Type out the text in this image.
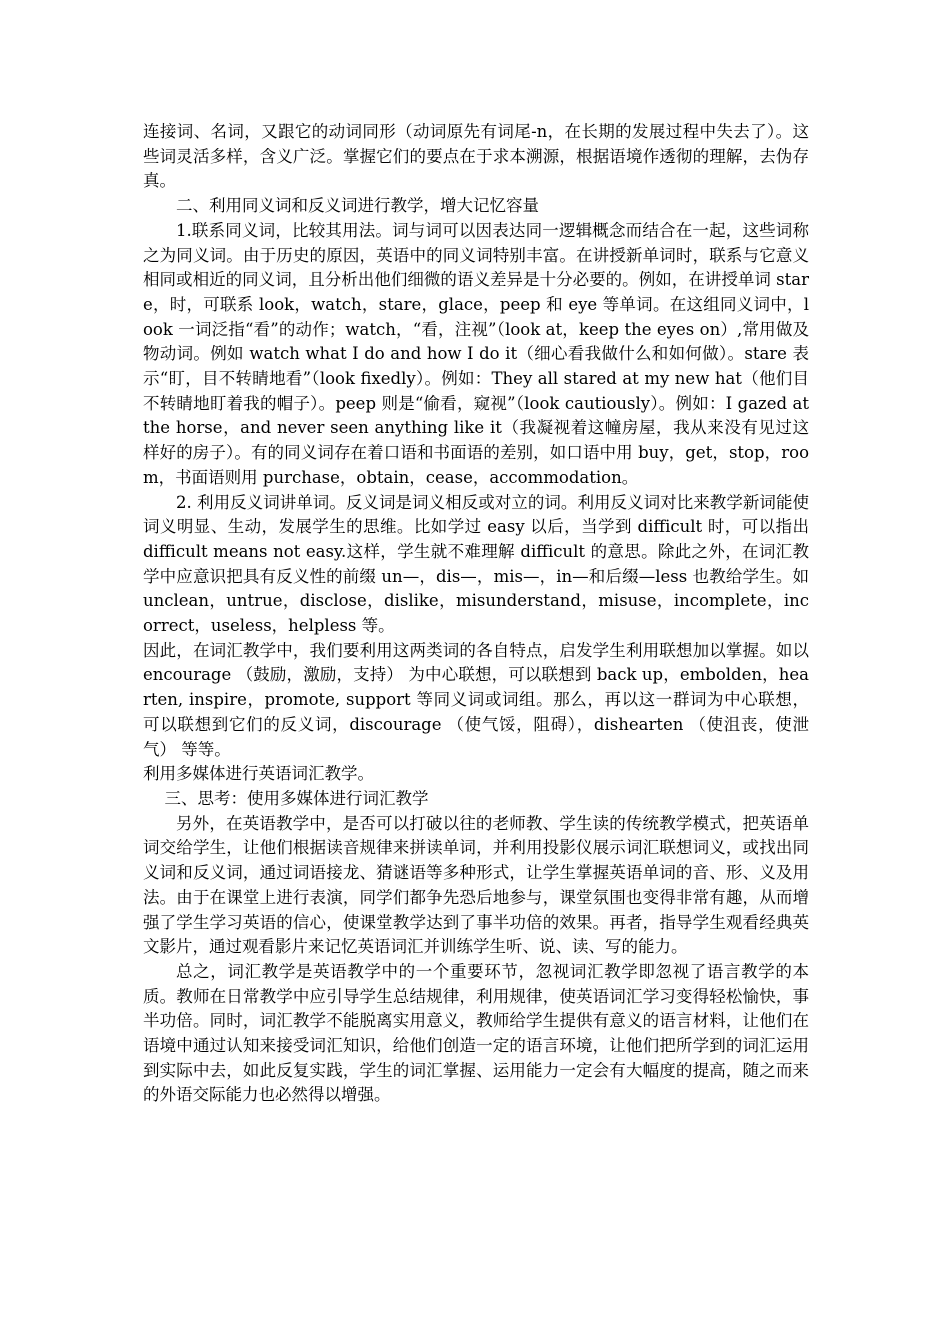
连接词、名词，又跟它的动词同形（动词原先有词尾-n，在长期的发展过程中失去了）。这些词灵活多样，含义广泛。掌握它们的要点在于求本溯源，根据语境作透彻的理解，去伪存真。

二、利用同义词和反义词进行教学，增大记忆容量

1.联系同义词，比较其用法。词与词可以因表达同一逻辑概念而结合在一起，这些词称之为同义词。由于历史的原因，英语中的同义词特别丰富。在讲授新单词时，联系与它意义相同或相近的同义词，且分析出他们细微的语义差异是十分必要的。例如，在讲授单词 stare，时，可联系 look，watch，stare，glace，peep 和 eye 等单词。在这组同义词中，look 一词泛指“看”的动作；watch，“看，注视”（look at，keep the eyes on）,常用做及物动词。例如 watch what I do and how I do it（细心看我做什么和如何做）。stare 表示“盯，目不转睛地看”（look fixedly）。例如：They all stared at my new hat（他们目不转睛地盯着我的帽子）。peep 则是“偷看，窥视”（look cautiously）。例如：I gazed at the horse，and never seen anything like it（我凝视着这幢房屋，我从来没有见过这样好的房子）。有的同义词存在着口语和书面语的差别，如口语中用 buy，get，stop，room，书面语则用 purchase，obtain，cease，accommodation。

2. 利用反义词讲单词。反义词是词义相反或对立的词。利用反义词对比来教学新词能使词义明显、生动，发展学生的思维。比如学过 easy 以后，当学到 difficult 时，可以指出 difficult means not easy.这样，学生就不难理解 difficult 的意思。除此之外，在词汇教学中应意识把具有反义性的前缀 un—，dis—，mis—，in—和后缀—less 也教给学生。如 unclean，untrue，disclose，dislike，misunderstand，misuse，incomplete，incorrect，useless，helpless 等。

因此，在词汇教学中，我们要利用这两类词的各自特点，启发学生利用联想加以掌握。如以 encourage （鼓励，激励，支持） 为中心联想，可以联想到 back up，embolden，hearten, inspire，promote, support 等同义词或词组。那么，再以这一群词为中心联想，可以联想到它们的反义词，discourage （使气馁，阻碍），dishearten （使沮丧，使泄气） 等等。

利用多媒体进行英语词汇教学。

三、思考：使用多媒体进行词汇教学

另外，在英语教学中，是否可以打破以往的老师教、学生读的传统教学模式，把英语单词交给学生，让他们根据读音规律来拼读单词，并利用投影仪展示词汇联想词义，或找出同义词和反义词，通过词语接龙、猜谜语等多种形式，让学生掌握英语单词的音、形、义及用法。由于在课堂上进行表演，同学们都争先恐后地参与，课堂氛围也变得非常有趣，从而增强了学生学习英语的信心，使课堂教学达到了事半功倍的效果。再者，指导学生观看经典英文影片，通过观看影片来记忆英语词汇并训练学生听、说、读、写的能力。

总之，词汇教学是英语教学中的一个重要环节，忽视词汇教学即忽视了语言教学的本质。教师在日常教学中应引导学生总结规律，利用规律，使英语词汇学习变得轻松愉快，事半功倍。同时，词汇教学不能脱离实用意义，教师给学生提供有意义的语言材料，让他们在语境中通过认知来接受词汇知识，给他们创造一定的语言环境，让他们把所学到的词汇运用到实际中去，如此反复实践，学生的词汇掌握、运用能力一定会有大幅度的提高，随之而来的外语交际能力也必然得以增强。
